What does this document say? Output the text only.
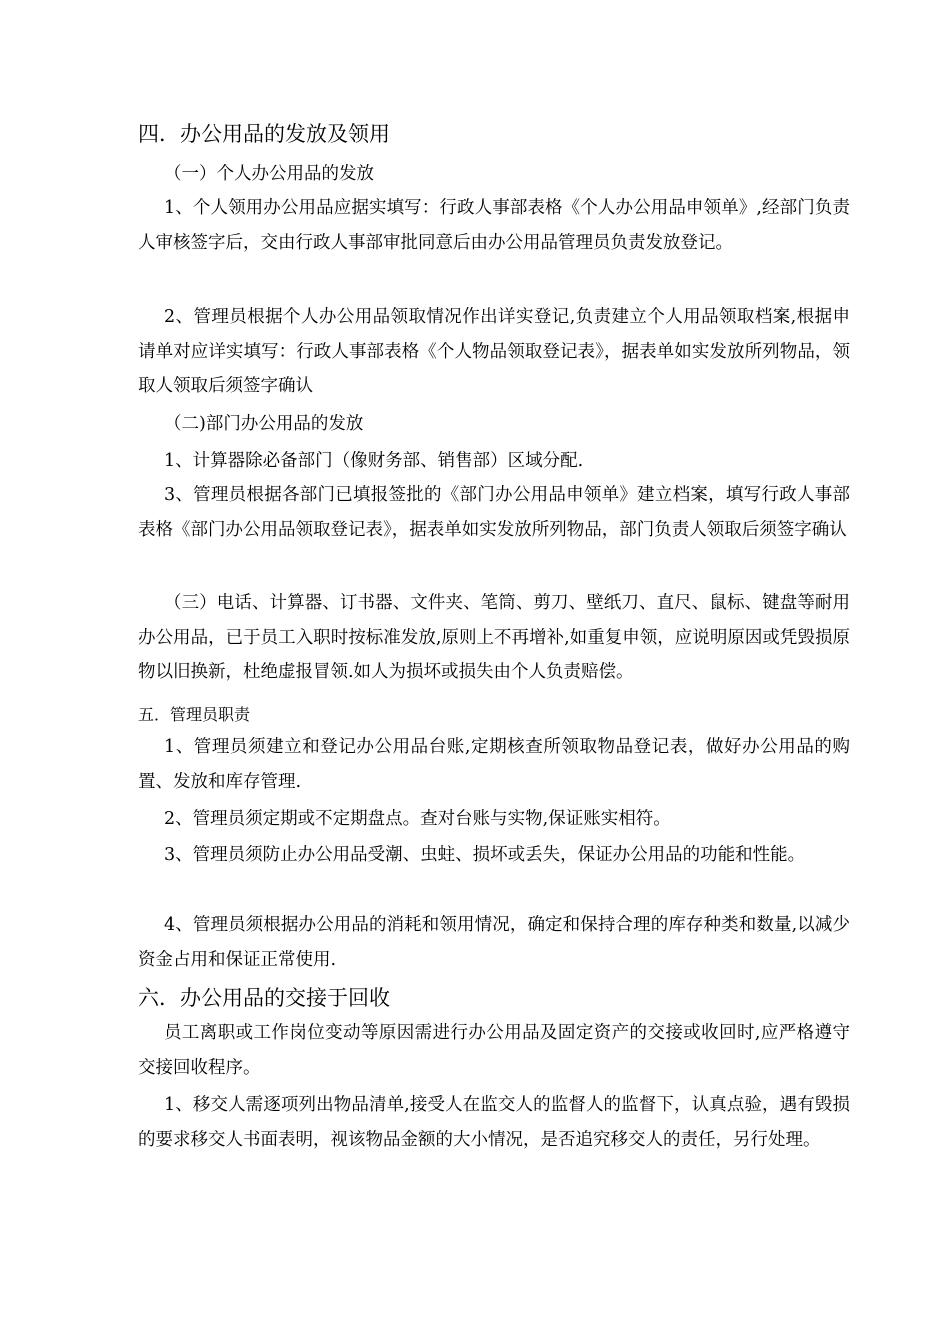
四．办公用品的发放及领用
（一）个人办公用品的发放
1、个人领用办公用品应据实填写：行政人事部表格《个人办公用品申领单》,经部门负责人审核签字后，交由行政人事部审批同意后由办公用品管理员负责发放登记。
2、管理员根据个人办公用品领取情况作出详实登记,负责建立个人用品领取档案,根据申请单对应详实填写：行政人事部表格《个人物品领取登记表》，据表单如实发放所列物品，领取人领取后须签字确认
（二)部门办公用品的发放
1、计算器除必备部门（像财务部、销售部）区域分配.
3、管理员根据各部门已填报签批的《部门办公用品申领单》建立档案，填写行政人事部表格《部门办公用品领取登记表》，据表单如实发放所列物品，部门负责人领取后须签字确认
（三）电话、计算器、订书器、文件夹、笔筒、剪刀、壁纸刀、直尺、鼠标、键盘等耐用办公用品，已于员工入职时按标准发放,原则上不再增补,如重复申领，应说明原因或凭毁损原物以旧换新，杜绝虚报冒领.如人为损坏或损失由个人负责赔偿。
五．管理员职责
1、管理员须建立和登记办公用品台账,定期核查所领取物品登记表，做好办公用品的购置、发放和库存管理.
2、管理员须定期或不定期盘点。查对台账与实物,保证账实相符。
3、管理员须防止办公用品受潮、虫蛀、损坏或丢失，保证办公用品的功能和性能。
4、管理员须根据办公用品的消耗和领用情况，确定和保持合理的库存种类和数量,以减少资金占用和保证正常使用.
六．办公用品的交接于回收
员工离职或工作岗位变动等原因需进行办公用品及固定资产的交接或收回时,应严格遵守交接回收程序。
1、移交人需逐项列出物品清单,接受人在监交人的监督人的监督下，认真点验，遇有毁损的要求移交人书面表明，视该物品金额的大小情况，是否追究移交人的责任，另行处理。
